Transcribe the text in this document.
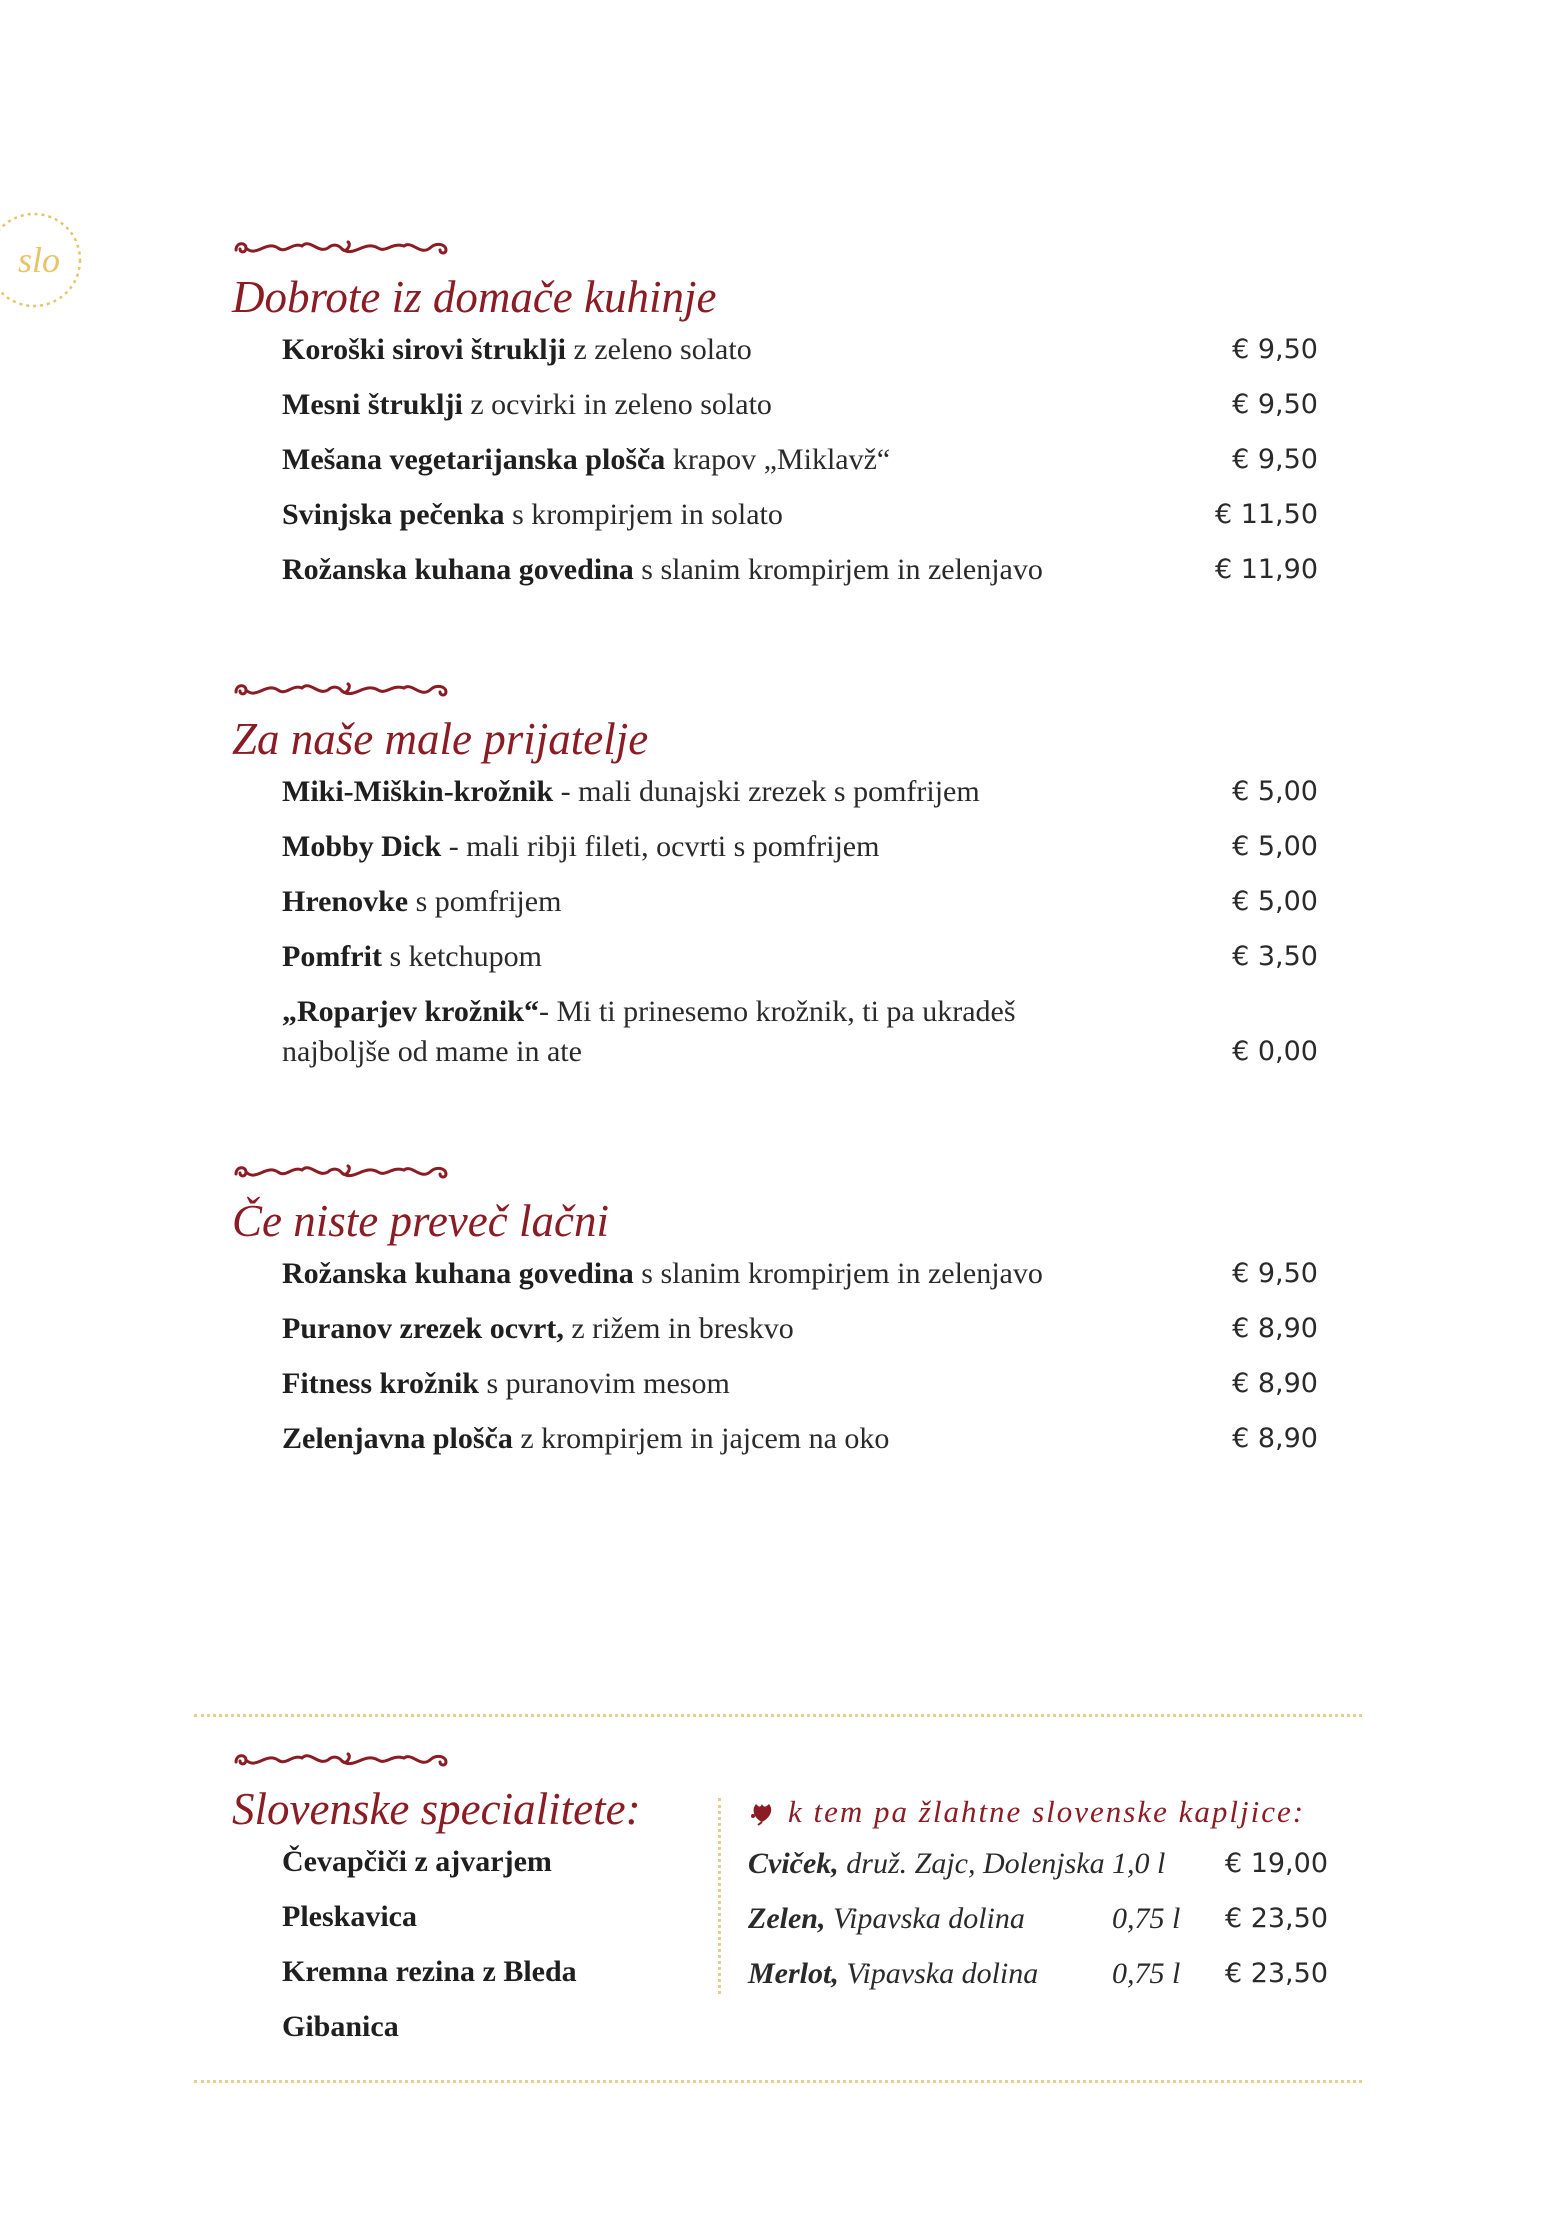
slo
Dobrote iz domače kuhinje
Koroški sirovi štruklji z zeleno solato	€ 9,50
Mesni štruklji z ocvirki in zeleno solato	€ 9,50
Mešana vegetarijanska plošča krapov „Miklavž“	€ 9,50
Svinjska pečenka s krompirjem in solato	€ 11,50
Rožanska kuhana govedina s slanim krompirjem in zelenjavo	€ 11,90
Za naše male prijatelje
Miki-Miškin-krožnik - mali dunajski zrezek s pomfrijem	€ 5,00
Mobby Dick - mali ribji fileti, ocvrti s pomfrijem	€ 5,00
Hrenovke s pomfrijem	€ 5,00
Pomfrit s ketchupom	€ 3,50
„Roparjev krožnik“- Mi ti prinesemo krožnik, ti pa ukradeš
najboljše od mame in ate	€ 0,00
Če niste preveč lačni
Rožanska kuhana govedina s slanim krompirjem in zelenjavo	€ 9,50
Puranov zrezek ocvrt, z rižem in breskvo	€ 8,90
Fitness krožnik s puranovim mesom	€ 8,90
Zelenjavna plošča z krompirjem in jajcem na oko	€ 8,90
Slovenske specialitete:
Čevapčiči z ajvarjem
Pleskavica
Kremna rezina z Bleda
Gibanica
k tem pa žlahtne slovenske kapljice:
Cviček, druž. Zajc, Dolenjska 1,0 l € 19,00
Zelen, Vipavska dolina	0,75 l € 23,50
Merlot, Vipavska dolina 0,75 l € 23,50
